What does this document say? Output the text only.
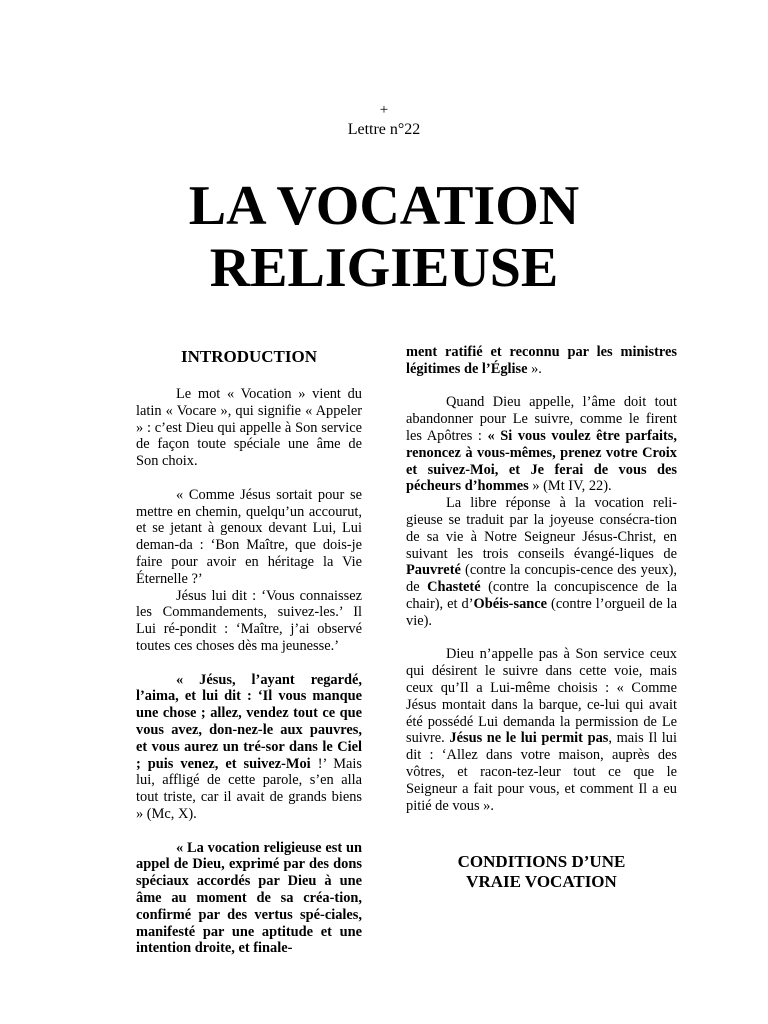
+
Lettre n°22
LA VOCATION
RELIGIEUSE
INTRODUCTION

Le mot « Vocation » vient du latin « Vocare », qui signifie « Appeler » : c’est Dieu qui appelle à Son service de façon toute spéciale une âme de Son choix.

« Comme Jésus sortait pour se mettre en chemin, quelqu’un accourut, et se jetant à genoux devant Lui, Lui deman-da : ‘Bon Maître, que dois-je faire pour avoir en héritage la Vie Éternelle ?’

Jésus lui dit : ‘Vous connaissez les Commandements, suivez-les.’ Il Lui ré-pondit : ‘Maître, j’ai observé toutes ces choses dès ma jeunesse.’

« Jésus, l’ayant regardé, l’aima, et lui dit : ‘Il vous manque une chose ; allez, vendez tout ce que vous avez, don-nez-le aux pauvres, et vous aurez un tré-sor dans le Ciel ; puis venez, et suivez-Moi !’ Mais lui, affligé de cette parole, s’en alla tout triste, car il avait de grands biens » (Mc, X).

« La vocation religieuse est un appel de Dieu, exprimé par des dons spéciaux accordés par Dieu à une âme au moment de sa créa-tion, confirmé par des vertus spé-ciales, manifesté par une aptitude et une intention droite, et finale-

ment ratifié et reconnu par les ministres légitimes de l’Église ».

Quand Dieu appelle, l’âme doit tout abandonner pour Le suivre, comme le firent les Apôtres : « Si vous voulez être parfaits, renoncez à vous-mêmes, prenez votre Croix et suivez-Moi, et Je ferai de vous des pécheurs d’hommes » (Mt IV, 22).

La libre réponse à la vocation reli-gieuse se traduit par la joyeuse consécra-tion de sa vie à Notre Seigneur Jésus-Christ, en suivant les trois conseils évangé-liques de Pauvreté (contre la concupis-cence des yeux), de Chasteté (contre la concupiscence de la chair), et d’Obéis-sance (contre l’orgueil de la vie).

Dieu n’appelle pas à Son service ceux qui désirent le suivre dans cette voie, mais ceux qu’Il a Lui-même choisis : « Comme Jésus montait dans la barque, ce-lui qui avait été possédé Lui demanda la permission de Le suivre. Jésus ne le lui permit pas, mais Il lui dit : ‘Allez dans votre maison, auprès des vôtres, et racon-tez-leur tout ce que le Seigneur a fait pour vous, et comment Il a eu pitié de vous ».

CONDITIONS D’UNE
VRAIE VOCATION
